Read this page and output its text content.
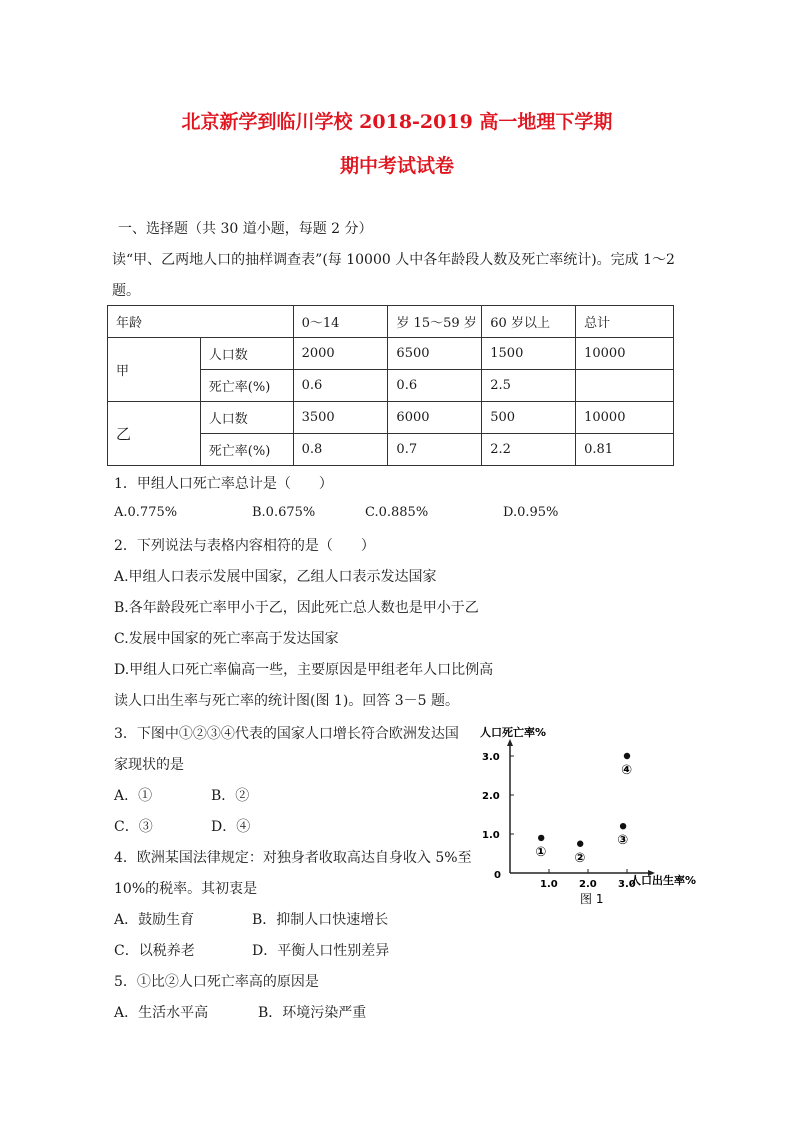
北京新学到临川学校 2018-2019 高一地理下学期
期中考试试卷
一、选择题（共 30 道小题，每题 2 分）
读“甲、乙两地人口的抽样调查表”(每 10000 人中各年龄段人数及死亡率统计)。完成 1～2
题。
年龄		0～14	岁 15～59 岁	60 岁以上	总计
甲	人口数	2000	6500	1500	10000
	死亡率(%)	0.6	0.6	2.5	
乙	人口数	3500	6000	500	10000
	死亡率(%)	0.8	0.7	2.2	0.81
1．甲组人口死亡率总计是（　　）
A.0.775%	B.0.675%	C.0.885%	D.0.95%
2．下列说法与表格内容相符的是（　　）
A.甲组人口表示发展中国家，乙组人口表示发达国家
B.各年龄段死亡率甲小于乙，因此死亡总人数也是甲小于乙
C.发展中国家的死亡率高于发达国家
D.甲组人口死亡率偏高一些，主要原因是甲组老年人口比例高
读人口出生率与死亡率的统计图(图 1)。回答 3－5 题。
3．下图中①②③④代表的国家人口增长符合欧洲发达国
家现状的是
A．①	B．②
C．③	D．④
4．欧洲某国法律规定：对独身者收取高达自身收入 5%至
10%的税率。其初衷是
A．鼓励生育	B．抑制人口快速增长
C．以税养老	D．平衡人口性别差异
5．①比②人口死亡率高的原因是
A．生活水平高	B．环境污染严重
人口死亡率%
人口出生率%
0
图 1
1.0
2.0
3.0
1.0 2.0 3.0
① ②
③
④
